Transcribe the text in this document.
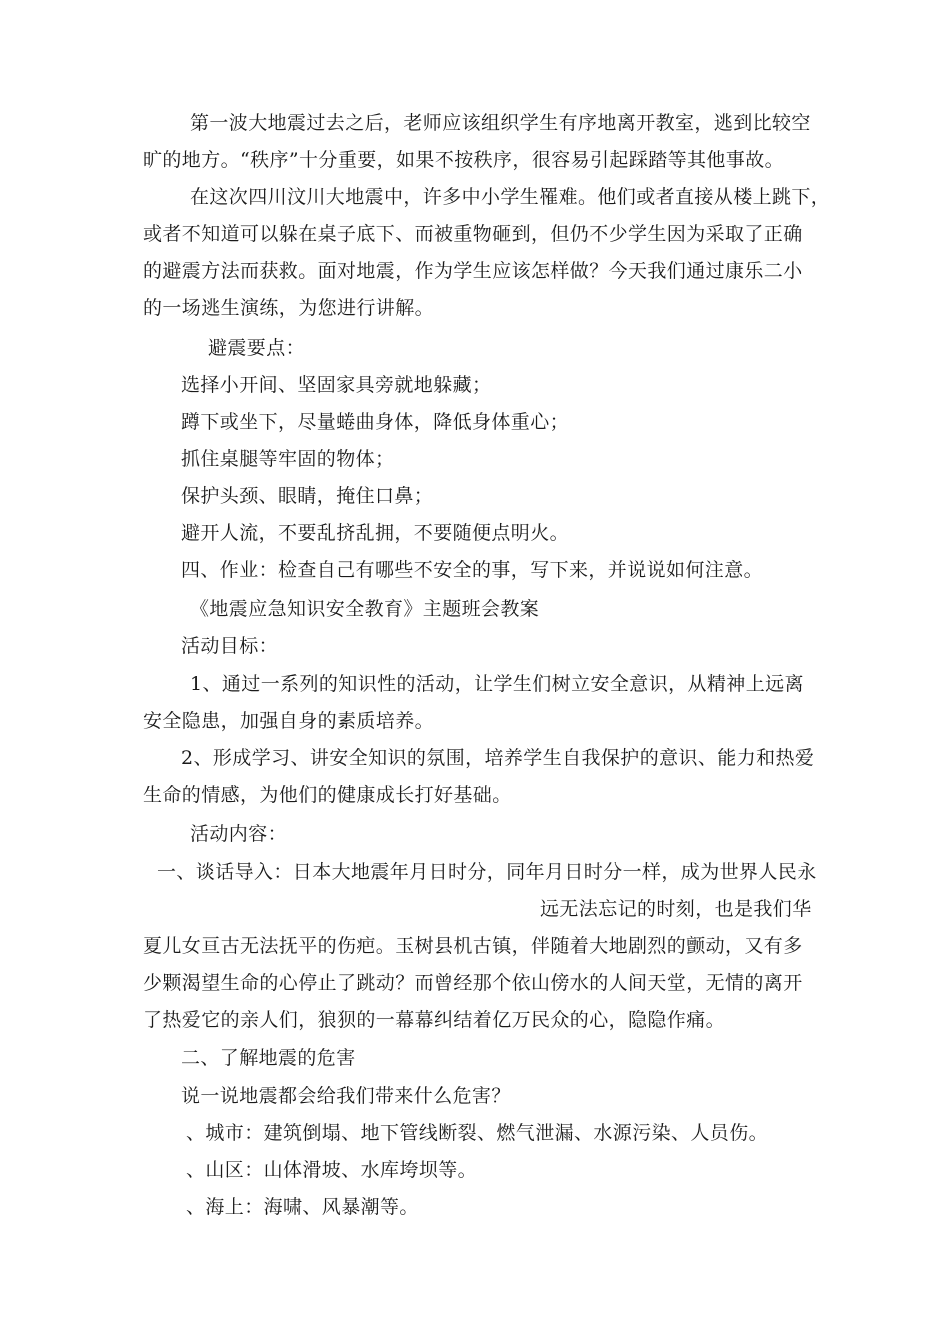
第一波大地震过去之后，老师应该组织学生有序地离开教室，逃到比较空

旷的地方。“秩序”十分重要，如果不按秩序，很容易引起踩踏等其他事故。

在这次四川汶川大地震中，许多中小学生罹难。他们或者直接从楼上跳下，

或者不知道可以躲在桌子底下、而被重物砸到，但仍不少学生因为采取了正确

的避震方法而获救。面对地震，作为学生应该怎样做？今天我们通过康乐二小

的一场逃生演练，为您进行讲解。

避震要点：

选择小开间、坚固家具旁就地躲藏；

蹲下或坐下，尽量蜷曲身体，降低身体重心；

抓住桌腿等牢固的物体；

保护头颈、眼睛，掩住口鼻；

避开人流，不要乱挤乱拥，不要随便点明火。

四、作业：检查自己有哪些不安全的事，写下来，并说说如何注意。

《地震应急知识安全教育》主题班会教案

活动目标：

1、通过一系列的知识性的活动，让学生们树立安全意识，从精神上远离

安全隐患，加强自身的素质培养。

2、形成学习、讲安全知识的氛围，培养学生自我保护的意识、能力和热爱

生命的情感，为他们的健康成长打好基础。

活动内容：

一、谈话导入：日本大地震年月日时分，同年月日时分一样，成为世界人民永

远无法忘记的时刻，也是我们华

夏儿女亘古无法抚平的伤疤。玉树县机古镇，伴随着大地剧烈的颤动，又有多

少颗渴望生命的心停止了跳动？而曾经那个依山傍水的人间天堂，无情的离开

了热爱它的亲人们，狼狈的一幕幕纠结着亿万民众的心，隐隐作痛。

二、了解地震的危害

说一说地震都会给我们带来什么危害？

、城市：建筑倒塌、地下管线断裂、燃气泄漏、水源污染、人员伤。

、山区：山体滑坡、水库垮坝等。

、海上：海啸、风暴潮等。
